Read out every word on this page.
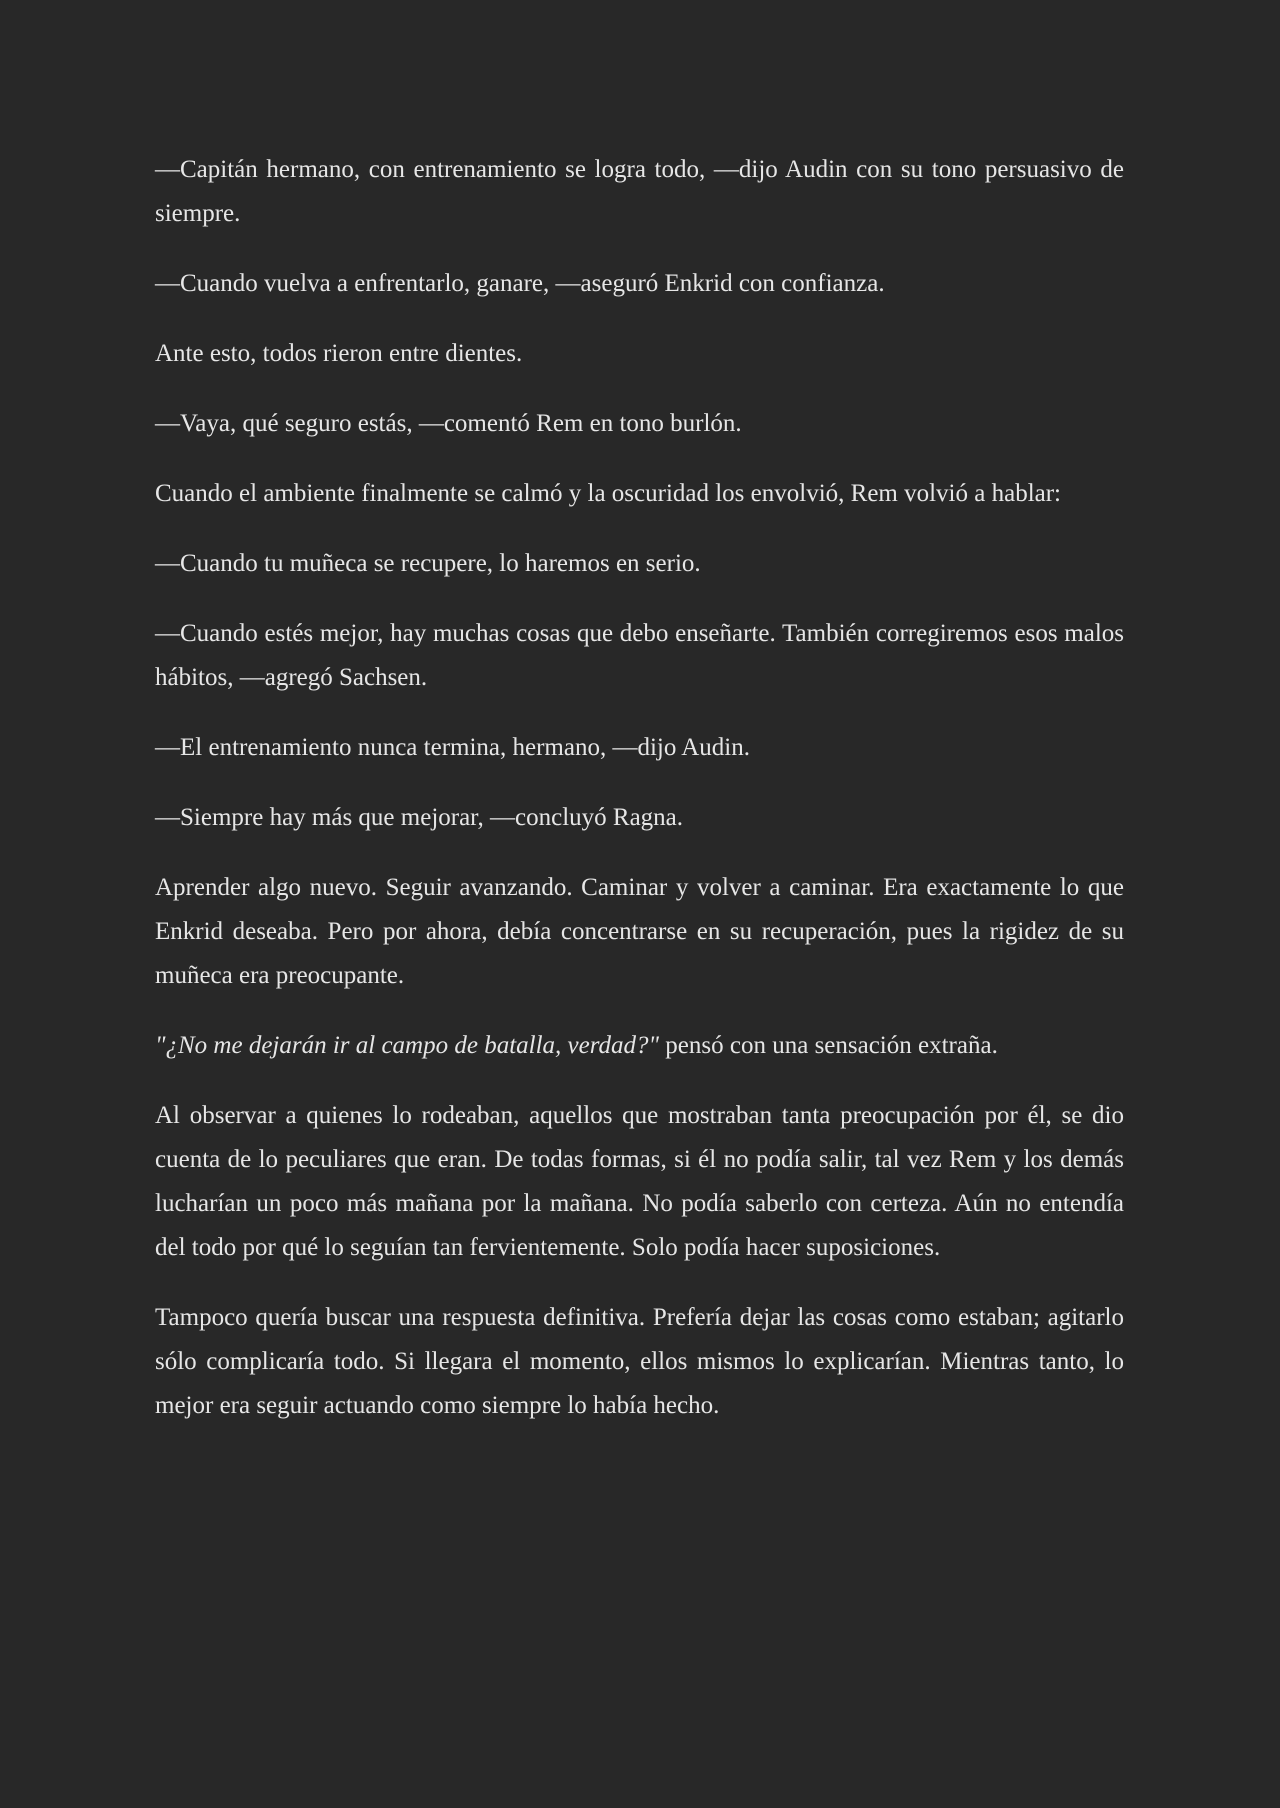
—Capitán hermano, con entrenamiento se logra todo, —dijo Audin con su tono persuasivo de siempre.

—Cuando vuelva a enfrentarlo, ganare, —aseguró Enkrid con confianza.

Ante esto, todos rieron entre dientes.

—Vaya, qué seguro estás, —comentó Rem en tono burlón.

Cuando el ambiente finalmente se calmó y la oscuridad los envolvió, Rem volvió a hablar:

—Cuando tu muñeca se recupere, lo haremos en serio.

—Cuando estés mejor, hay muchas cosas que debo enseñarte. También corregiremos esos malos hábitos, —agregó Sachsen.

—El entrenamiento nunca termina, hermano, —dijo Audin.

—Siempre hay más que mejorar, —concluyó Ragna.

Aprender algo nuevo. Seguir avanzando. Caminar y volver a caminar. Era exactamente lo que Enkrid deseaba. Pero por ahora, debía concentrarse en su recuperación, pues la rigidez de su muñeca era preocupante.

"¿No me dejarán ir al campo de batalla, verdad?" pensó con una sensación extraña.

Al observar a quienes lo rodeaban, aquellos que mostraban tanta preocupación por él, se dio cuenta de lo peculiares que eran. De todas formas, si él no podía salir, tal vez Rem y los demás lucharían un poco más mañana por la mañana. No podía saberlo con certeza. Aún no entendía del todo por qué lo seguían tan fervientemente. Solo podía hacer suposiciones.

Tampoco quería buscar una respuesta definitiva. Prefería dejar las cosas como estaban; agitarlo sólo complicaría todo. Si llegara el momento, ellos mismos lo explicarían. Mientras tanto, lo mejor era seguir actuando como siempre lo había hecho.
